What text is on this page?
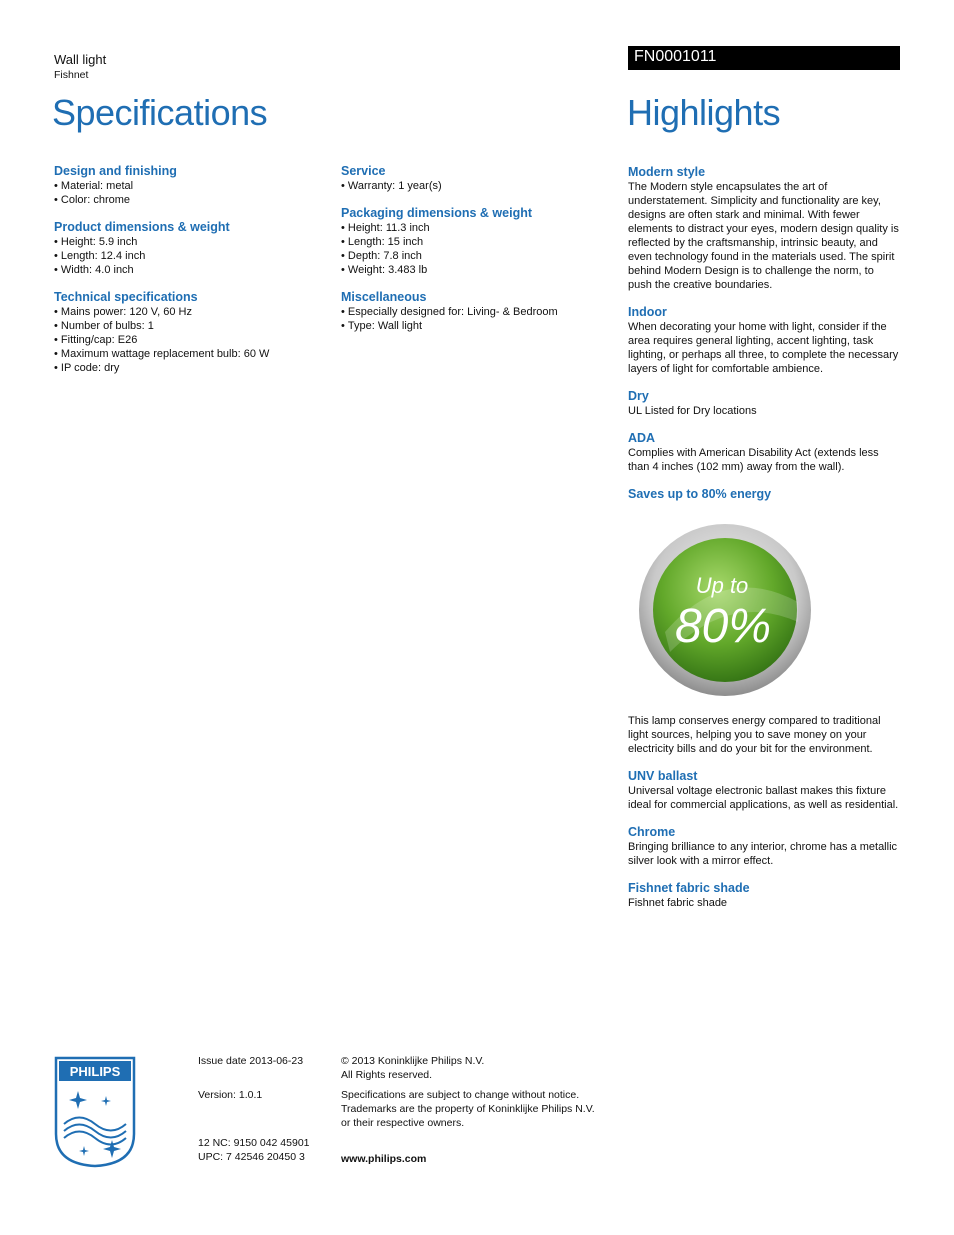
Wall light
Fishnet
FN0001011
Specifications	Highlights
Design and finishing
• Material: metal
• Color: chrome
Product dimensions & weight
• Height: 5.9 inch
• Length: 12.4 inch
• Width: 4.0 inch
Technical specifications
• Mains power: 120 V, 60 Hz
• Number of bulbs: 1
• Fitting/cap: E26
• Maximum wattage replacement bulb: 60 W
• IP code: dry
Service
• Warranty: 1 year(s)
Packaging dimensions & weight
• Height: 11.3 inch
• Length: 15 inch
• Depth: 7.8 inch
• Weight: 3.483 lb
Miscellaneous
• Especially designed for: Living- & Bedroom
• Type: Wall light
Modern style

The Modern style encapsulates the art of understatement. Simplicity and functionality are key, designs are often stark and minimal. With fewer elements to distract your eyes, modern design quality is reflected by the craftsmanship, intrinsic beauty, and even technology found in the materials used. The spirit behind Modern Design is to challenge the norm, to push the creative boundaries.

Indoor

When decorating your home with light, consider if the area requires general lighting, accent lighting, task lighting, or perhaps all three, to complete the necessary layers of light for comfortable ambience.

Dry

UL Listed for Dry locations

ADA

Complies with American Disability Act (extends less than 4 inches (102 mm) away from the wall).

Saves up to 80% energy
Up to
80%

This lamp conserves energy compared to traditional light sources, helping you to save money on your electricity bills and do your bit for the environment.

UNV ballast

Universal voltage electronic ballast makes this fixture ideal for commercial applications, as well as residential.

Chrome

Bringing brilliance to any interior, chrome has a metallic silver look with a mirror effect.

Fishnet fabric shade

Fishnet fabric shade

PHILIPS
Issue date 2013-06-23
Version: 1.0.1
12 NC: 9150 042 45901
UPC: 7 42546 20450 3
© 2013 Koninklijke Philips N.V.
All Rights reserved.
Specifications are subject to change without notice.
Trademarks are the property of Koninklijke Philips N.V.
or their respective owners.
www.philips.com
